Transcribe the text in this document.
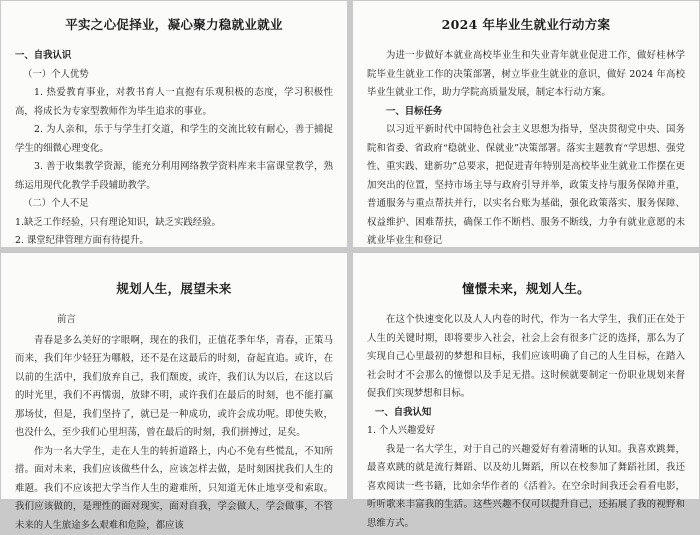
平实之心促择业，凝心聚力稳就业就业
一、自我认识
（一）个人优势
1. 热爱教育事业，对教书育人一直抱有乐观积极的态度，学习积极性高，将成长为专家型教师作为毕生追求的事业。
2. 为人亲和，乐于与学生打交道，和学生的交流比较有耐心，善于捕捉学生的细微心理变化。
3. 善于收集教学资源，能充分利用网络教学资料库来丰富课堂教学，熟练运用现代化教学手段辅助教学。
（二）个人不足
1.缺乏工作经验，只有理论知识，缺乏实践经验。
2. 课堂纪律管理方面有待提升。
2024 年毕业生就业行动方案
为进一步做好本就业高校毕业生和失业青年就业促进工作，做好桂林学院毕业生就业工作的决策部署，树立毕业生就业的意识，做好 2024 年高校毕业生就业工作，助力学院高质量发展，制定本行动方案。
一、目标任务
以习近平新时代中国特色社会主义思想为指导，坚决贯彻党中央、国务院和省委、省政府“稳就业、保就业”决策部署。落实主题教育“学思想、强党性、重实践、建新功”总要求，把促进青年特别是高校毕业生就业工作摆在更加突出的位置，坚持市场主导与政府引导并举，政策支持与服务保障并重，普通服务与重点帮扶并行，以实名台账为基础，强化政策落实、服务保障、权益维护、困难帮扶，确保工作不断档、服务不断线，力争有就业意愿的未就业毕业生和登记
规划人生，展望未来
前言
青春是多么美好的字眼啊，现在的我们，正值花季年华，青春，正策马而来，我们年少轻狂为哪般，还不是在这最后的时刻，奋起直追。或许，在以前的生活中，我们放弃自己，我们颓废，或许，我们认为以后，在这以后的时光里，我们不再懦弱，放肆不明，或许我们在最后的时刻，也不能打赢那场仗，但是，我们坚持了，就已是一种成功，或许会成功呢。即使失败，也没什么，至少我们心里坦荡，曾在最后的时刻，我们拼搏过，足矣。
作为一名大学生，走在人生的转折道路上，内心不免有些慌乱，不知所措。面对未来，我们应该做些什么，应该怎样去做，是时刻困扰我们人生的难题。我们不应该把大学当作人生的避难所，只知道无休止地享受和索取。我们应该做的，是理性的面对现实，面对自我，学会做人，学会做事，不管未来的人生旅途多么艰难和危险，都应该
憧憬未来，规划人生。
在这个快速变化以及人人内卷的时代，作为一名大学生，我们正在处于人生的关键时期，即将要步入社会，社会上会有很多广泛的选择，那么为了实现自己心里最初的梦想和目标，我们应该明确了自己的人生目标，在踏入社会时才不会那么的憧憬以及手足无措。这时候就要制定一份职业规划来督促我们实现梦想和目标。
一、自我认知
1. 个人兴趣爱好
我是一名大学生，对于自己的兴趣爱好有着清晰的认知。我喜欢跳舞，最喜欢跳的就是流行舞蹈、以及幼儿舞蹈，所以在校参加了舞蹈社团，我还喜欢阅读一些书籍，比如余华作者的《活着》。在空余时间我还会看看电影，听听歌来丰富我的生活。这些兴趣不仅可以提升自己，还拓展了我的视野和思维方式。
